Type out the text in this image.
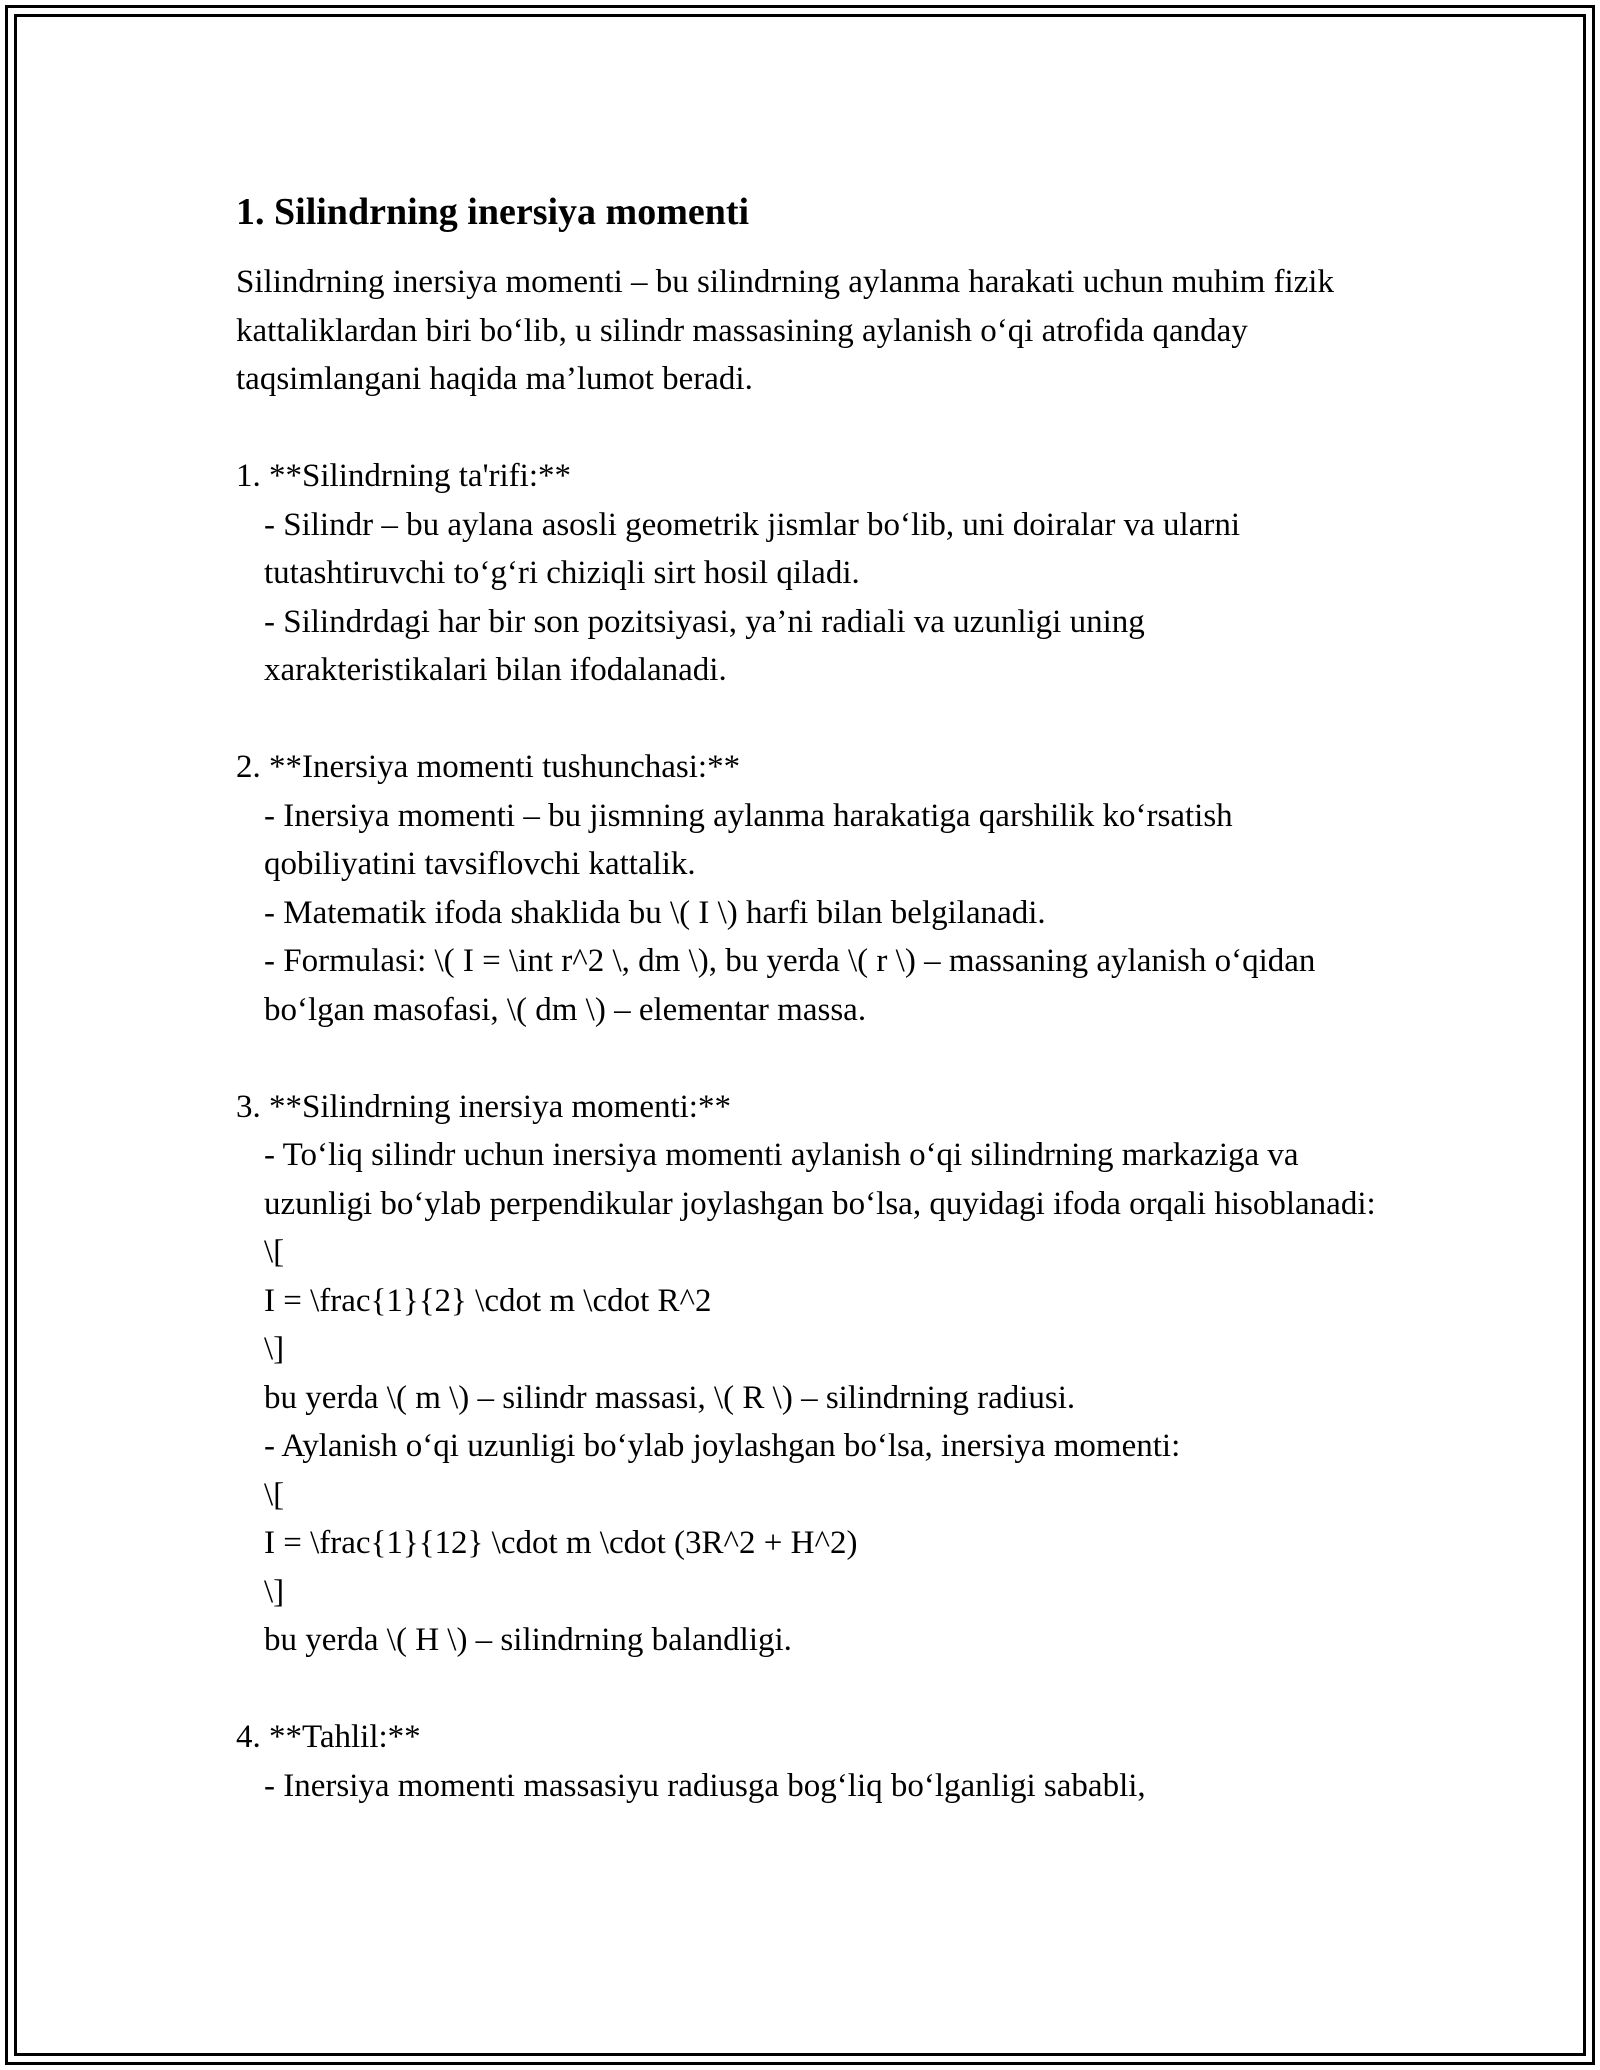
1. Silindrning inersiya momenti

Silindrning inersiya momenti – bu silindrning aylanma harakati uchun muhim fizik kattaliklardan biri bo‘lib, u silindr massasining aylanish o‘qi atrofida qanday taqsimlangani haqida ma’lumot beradi.

1. **Silindrning ta'rifi:**
- Silindr – bu aylana asosli geometrik jismlar bo‘lib, uni doiralar va ularni tutashtiruvchi to‘g‘ri chiziqli sirt hosil qiladi.
- Silindrdagi har bir son pozitsiyasi, ya’ni radiali va uzunligi uning xarakteristikalari bilan ifodalanadi.
2. **Inersiya momenti tushunchasi:**
- Inersiya momenti – bu jismning aylanma harakatiga qarshilik ko‘rsatish qobiliyatini tavsiflovchi kattalik.
- Matematik ifoda shaklida bu \( I \) harfi bilan belgilanadi.
- Formulasi: \( I = \int r^2 \, dm \), bu yerda \( r \) – massaning aylanish o‘qidan bo‘lgan masofasi, \( dm \) – elementar massa.
3. **Silindrning inersiya momenti:**
- To‘liq silindr uchun inersiya momenti aylanish o‘qi silindrning markaziga va uzunligi bo‘ylab perpendikular joylashgan bo‘lsa, quyidagi ifoda orqali hisoblanadi:
\[
I = \frac{1}{2} \cdot m \cdot R^2
\]
bu yerda \( m \) – silindr massasi, \( R \) – silindrning radiusi.
- Aylanish o‘qi uzunligi bo‘ylab joylashgan bo‘lsa, inersiya momenti:
\[
I = \frac{1}{12} \cdot m \cdot (3R^2 + H^2)
\]
bu yerda \( H \) – silindrning balandligi.
4. **Tahlil:**
- Inersiya momenti massasiyu radiusga bog‘liq bo‘lganligi sababli,
